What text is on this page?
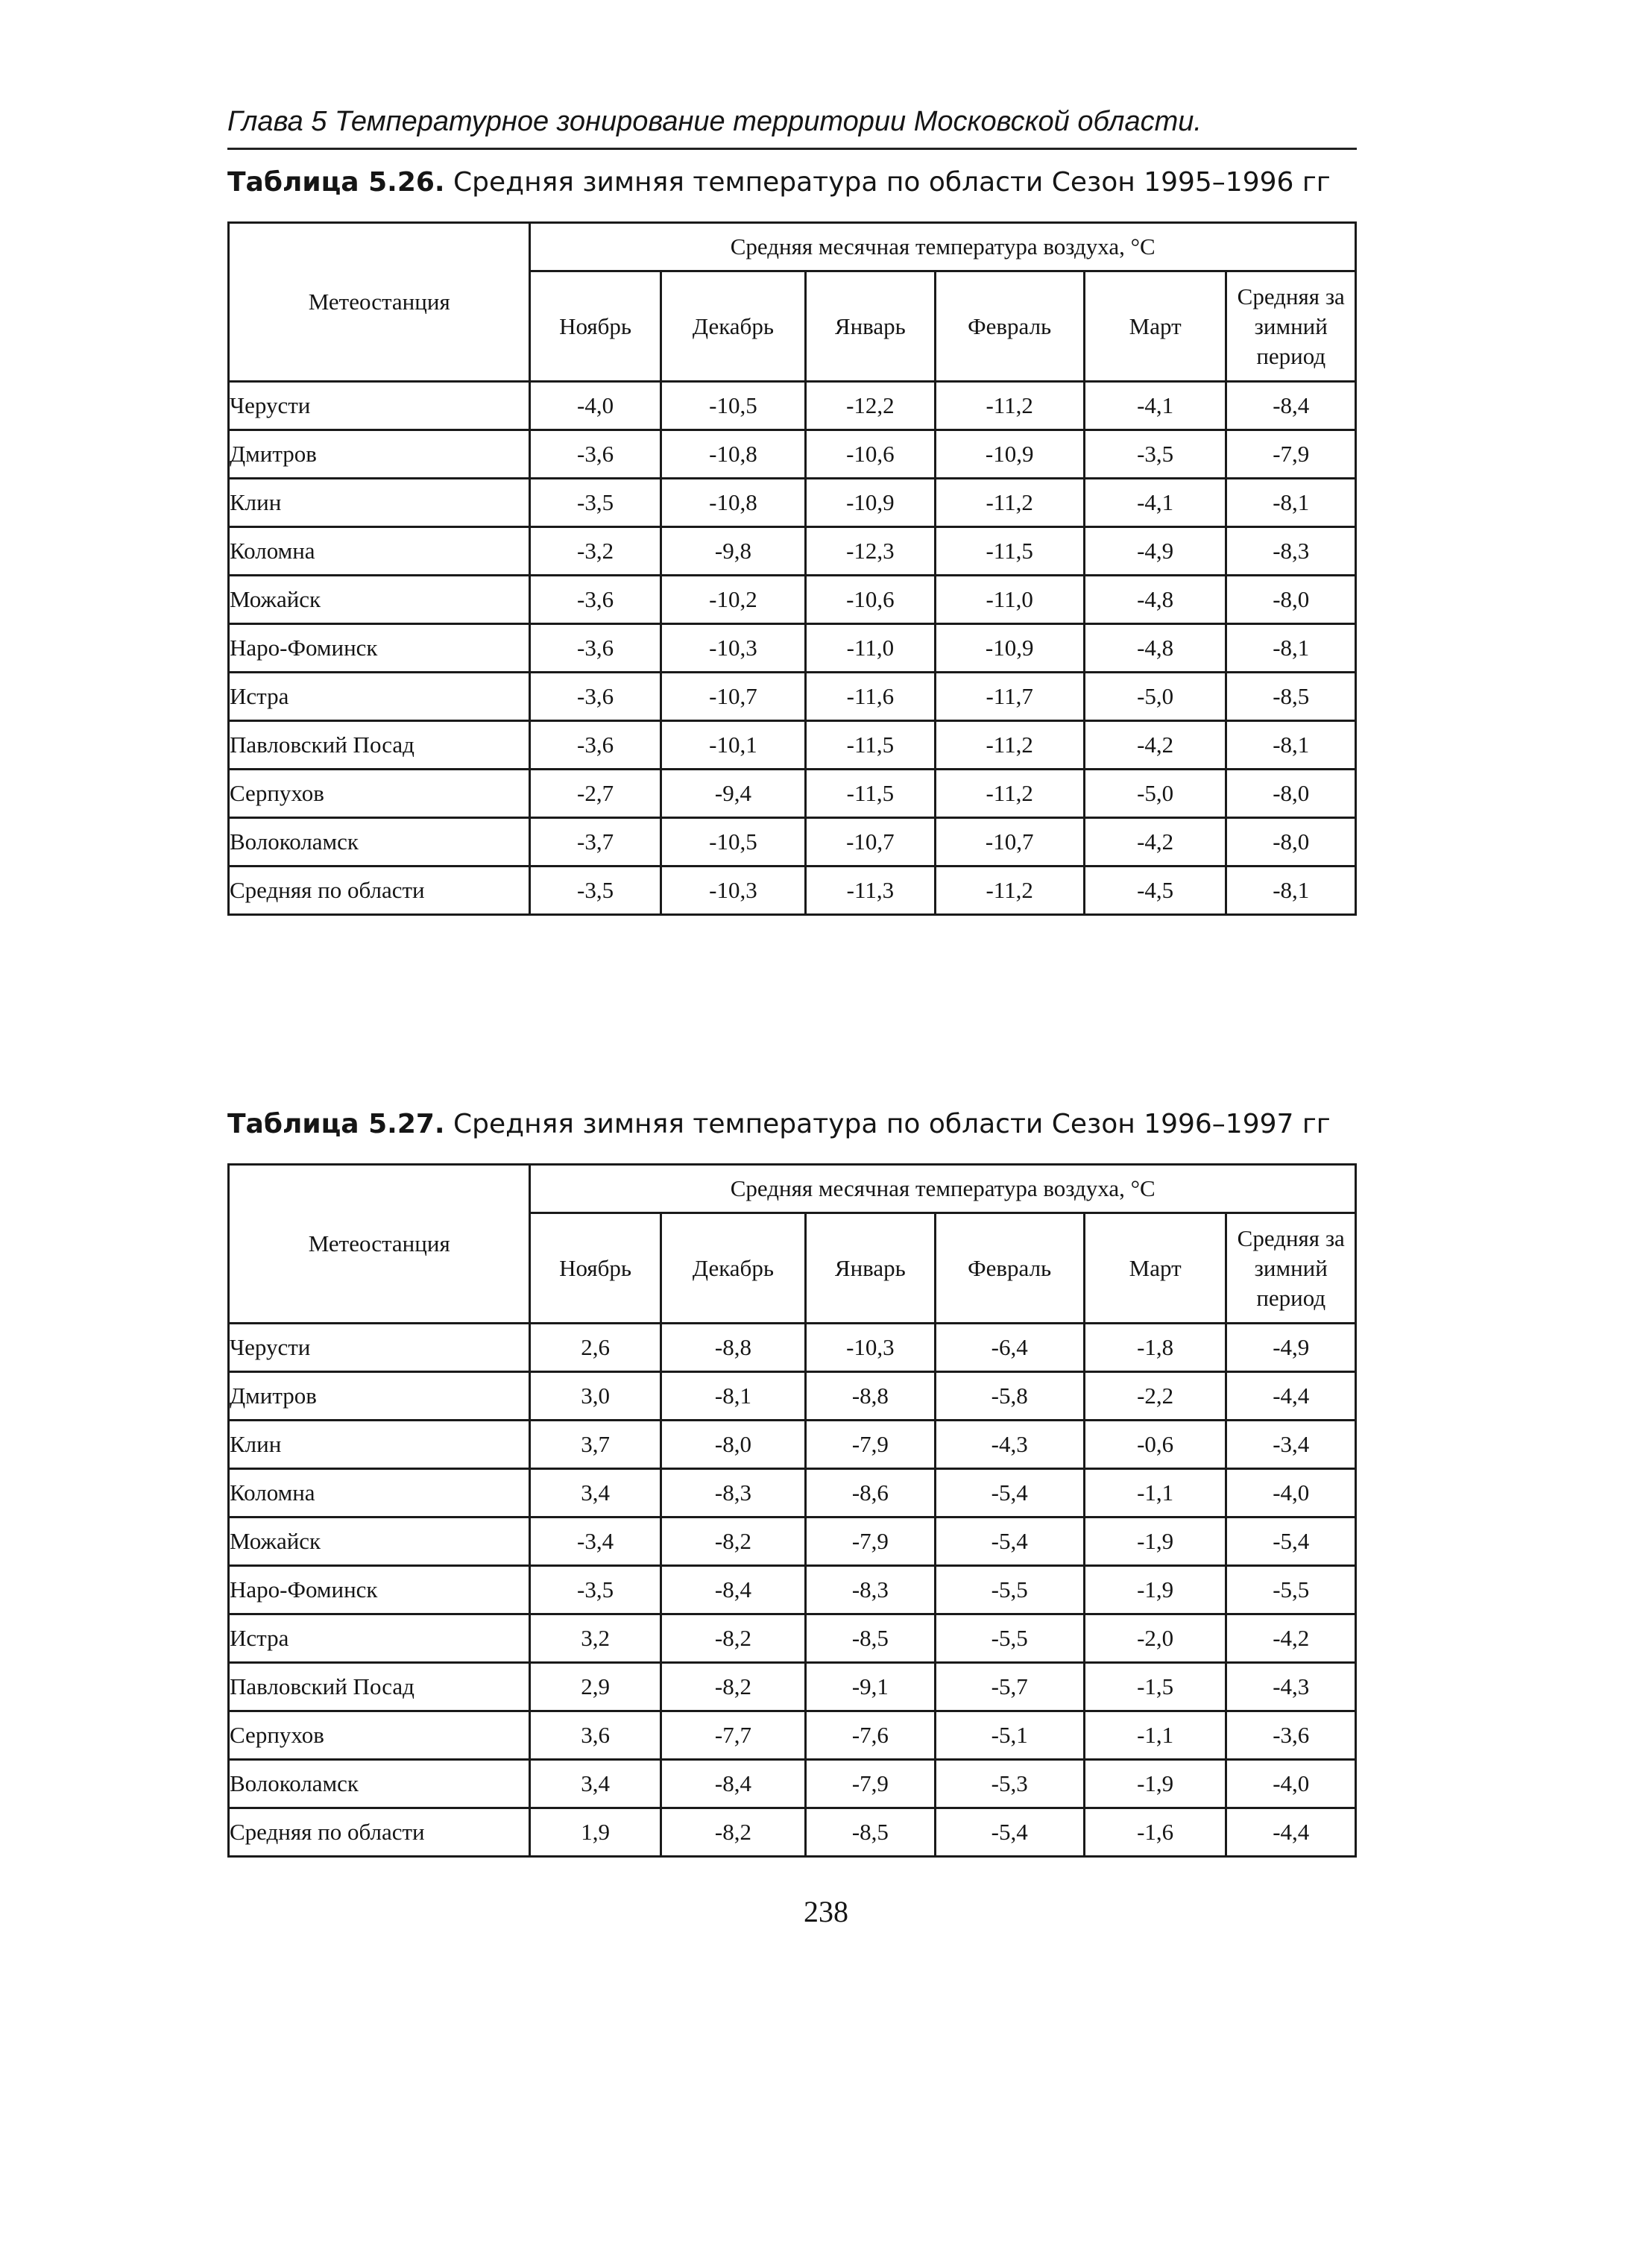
Глава 5 Температурное зонирование территории Московской области.
Таблица 5.26. Средняя зимняя температура по области Сезон 1995–1996 гг
Метеостанция	Средняя месячная температура воздуха, °С					
	Ноябрь	Декабрь	Январь	Февраль	Март	Средняя за зимний период
Черусти	-4,0	-10,5	-12,2	-11,2	-4,1	-8,4
Дмитров	-3,6	-10,8	-10,6	-10,9	-3,5	-7,9
Клин	-3,5	-10,8	-10,9	-11,2	-4,1	-8,1
Коломна	-3,2	-9,8	-12,3	-11,5	-4,9	-8,3
Можайск	-3,6	-10,2	-10,6	-11,0	-4,8	-8,0
Наро-Фоминск	-3,6	-10,3	-11,0	-10,9	-4,8	-8,1
Истра	-3,6	-10,7	-11,6	-11,7	-5,0	-8,5
Павловский Посад	-3,6	-10,1	-11,5	-11,2	-4,2	-8,1
Серпухов	-2,7	-9,4	-11,5	-11,2	-5,0	-8,0
Волоколамск	-3,7	-10,5	-10,7	-10,7	-4,2	-8,0
Средняя по области	-3,5	-10,3	-11,3	-11,2	-4,5	-8,1
Таблица 5.27. Средняя зимняя температура по области Сезон 1996–1997 гг
Метеостанция	Средняя месячная температура воздуха, °С					
	Ноябрь	Декабрь	Январь	Февраль	Март	Средняя за зимний период
Черусти	2,6	-8,8	-10,3	-6,4	-1,8	-4,9
Дмитров	3,0	-8,1	-8,8	-5,8	-2,2	-4,4
Клин	3,7	-8,0	-7,9	-4,3	-0,6	-3,4
Коломна	3,4	-8,3	-8,6	-5,4	-1,1	-4,0
Можайск	-3,4	-8,2	-7,9	-5,4	-1,9	-5,4
Наро-Фоминск	-3,5	-8,4	-8,3	-5,5	-1,9	-5,5
Истра	3,2	-8,2	-8,5	-5,5	-2,0	-4,2
Павловский Посад	2,9	-8,2	-9,1	-5,7	-1,5	-4,3
Серпухов	3,6	-7,7	-7,6	-5,1	-1,1	-3,6
Волоколамск	3,4	-8,4	-7,9	-5,3	-1,9	-4,0
Средняя по области	1,9	-8,2	-8,5	-5,4	-1,6	-4,4
238
